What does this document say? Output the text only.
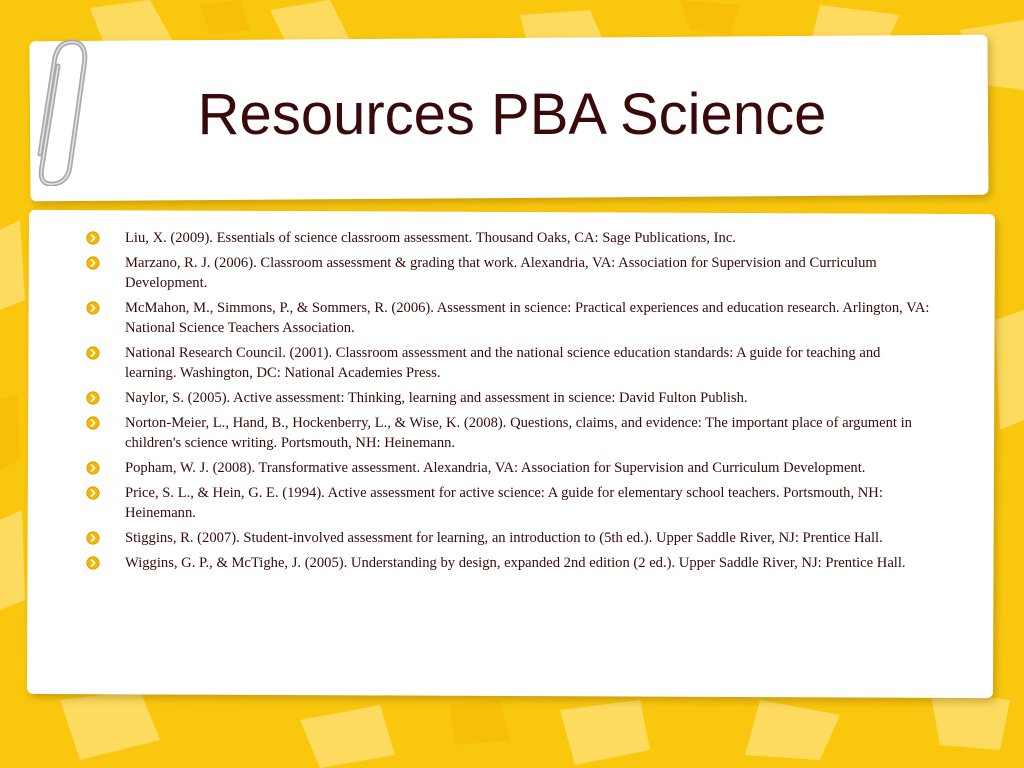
Resources PBA Science
Liu, X. (2009). Essentials of science classroom assessment. Thousand Oaks, CA: Sage Publications, Inc.
Marzano, R. J. (2006). Classroom assessment & grading that work. Alexandria, VA: Association for Supervision and Curriculum Development.
McMahon, M., Simmons, P., & Sommers, R. (2006). Assessment in science: Practical experiences and education research. Arlington, VA: National Science Teachers Association.
National Research Council. (2001). Classroom assessment and the national science education standards: A guide for teaching and learning. Washington, DC: National Academies Press.
Naylor, S. (2005). Active assessment: Thinking, learning and assessment in science: David Fulton Publish.
Norton-Meier, L., Hand, B., Hockenberry, L., & Wise, K. (2008). Questions, claims, and evidence: The important place of argument in children's science writing. Portsmouth, NH: Heinemann.
Popham, W. J. (2008). Transformative assessment. Alexandria, VA: Association for Supervision and Curriculum Development.
Price, S. L., & Hein, G. E. (1994). Active assessment for active science: A guide for elementary school teachers. Portsmouth, NH: Heinemann.
Stiggins, R. (2007). Student-involved assessment for learning, an introduction to (5th ed.). Upper Saddle River, NJ: Prentice Hall.
Wiggins, G. P., & McTighe, J. (2005). Understanding by design, expanded 2nd edition (2 ed.). Upper Saddle River, NJ: Prentice Hall.
